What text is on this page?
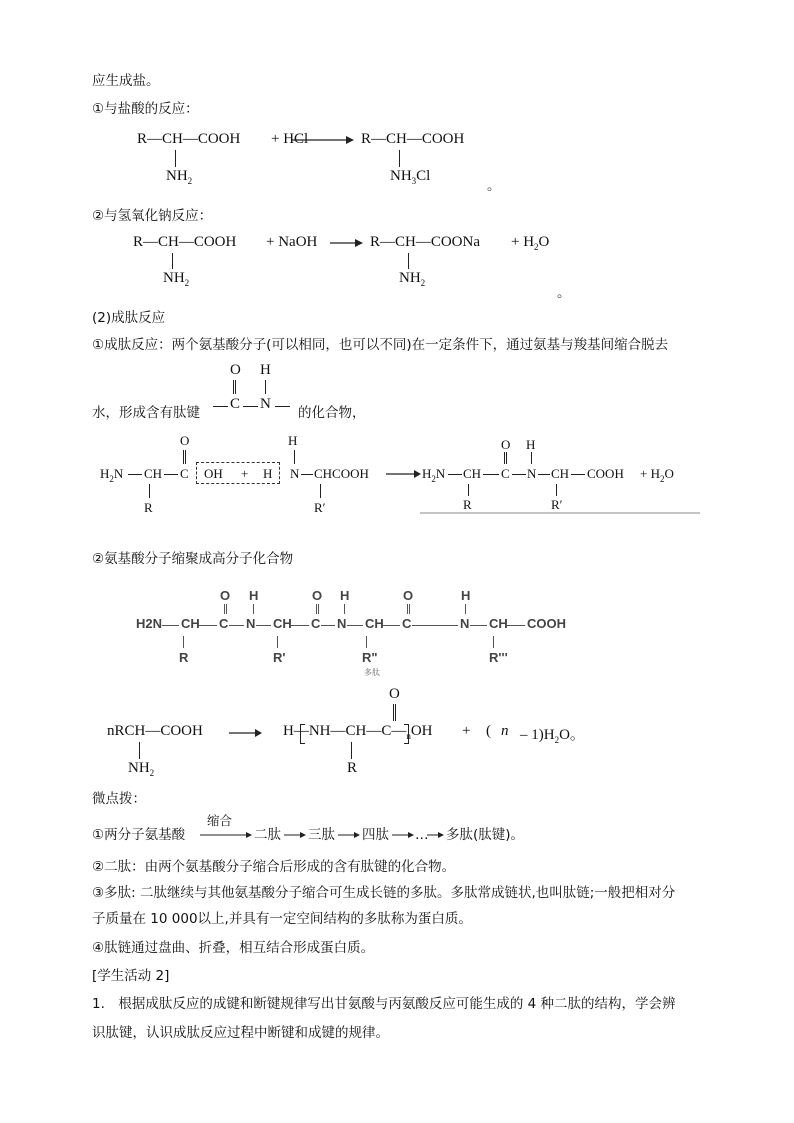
应生成盐。
①与盐酸的反应：
R—CH—COOH + HCl	R—CH—COOH
$NH_2$	$NH_3Cl$
。
②与氢氧化钠反应：
R—CH—COOH + NaOH	R—CH—COONa + $H_2O$
$NH_2$	$NH_2$
。
(2)成肽反应
①成肽反应：两个氨基酸分子(可以相同，也可以不同)在一定条件下，通过氨基与羧基间缩合脱去
水，形成含有肽键	的化合物，
O H
C N
$H_2N$ CH C
O
OH + H N
H
CHCOOH
R	R′
$H_2N$ CH C
O
N
H
CH COOH + $H_2O$
R	R′
②氨基酸分子缩聚成高分子化合物
H2N CH C N CH C N CH C	N CH COOH
O H	O H	O	H
R	R'	R"	R'''
多肽
nRCH—COOH
$NH_2$
$H—NH—CH—C—_nOH$
O
R
+ ( n – $1)H_2O$。
微点拨：
①两分子氨基酸
缩合
二肽 三肽 四肽 … 多肽(肽键)。
②二肽：由两个氨基酸分子缩合后形成的含有肽键的化合物。
③多肽: 二肽继续与其他氨基酸分子缩合可生成长链的多肽。多肽常成链状,也叫肽链;一般把相对分
子质量在 10 000以上,并具有一定空间结构的多肽称为蛋白质。
④肽链通过盘曲、折叠，相互结合形成蛋白质。
[学生活动 2]
1.　根据成肽反应的成键和断键规律写出甘氨酸与丙氨酸反应可能生成的 4 种二肽的结构，学会辨
识肽键，认识成肽反应过程中断键和成键的规律。
